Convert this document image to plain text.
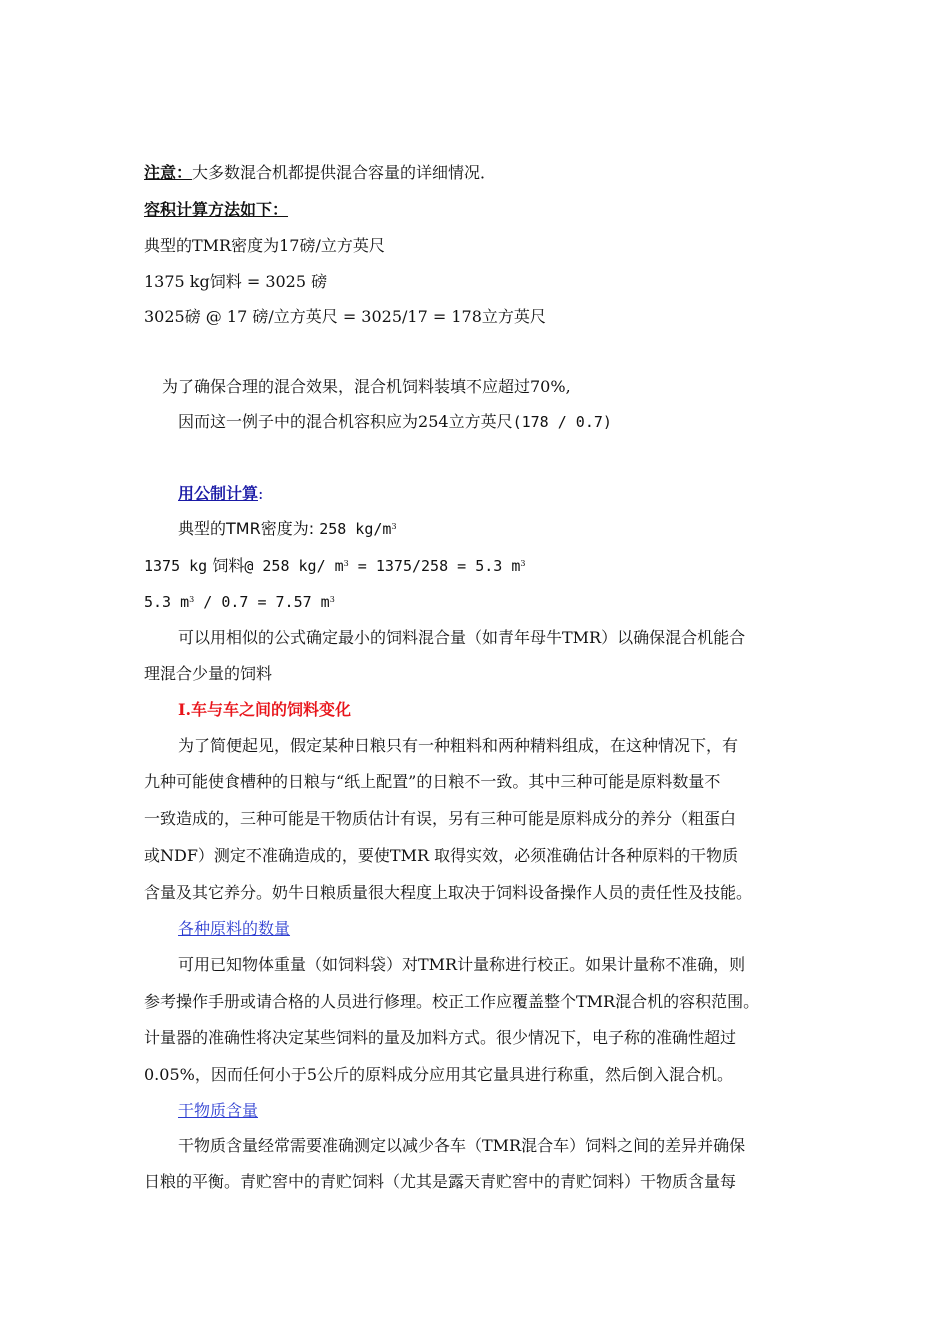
注意：大多数混合机都提供混合容量的详细情况．
容积计算方法如下：
典型的TMR密度为17磅/立方英尺
1375 kg饲料 = 3025 磅
3025磅 @ 17 磅/立方英尺 = 3025/17 = 178立方英尺
为了确保合理的混合效果，混合机饲料装填不应超过70%,
因而这一例子中的混合机容积应为254立方英尺(178 / 0.7)
用公制计算:
典型的TMR密度为: 258 $kg/m^3$
1375 kg 饲料@ 258 kg/ $m^3 = 1375/258 = 5.3$ $m^3$
5.3 $m^3 / 0.7 = 7.57$ $m^3$
可以用相似的公式确定最小的饲料混合量（如青年母牛TMR）以确保混合机能合
理混合少量的饲料
I.车与车之间的饲料变化
为了简便起见，假定某种日粮只有一种粗料和两种精料组成，在这种情况下，有
九种可能使食槽种的日粮与“纸上配置”的日粮不一致。其中三种可能是原料数量不
一致造成的，三种可能是干物质估计有误，另有三种可能是原料成分的养分（粗蛋白
或NDF）测定不准确造成的，要使TMR 取得实效，必须准确估计各种原料的干物质
含量及其它养分。奶牛日粮质量很大程度上取决于饲料设备操作人员的责任性及技能。
各种原料的数量
可用已知物体重量（如饲料袋）对TMR计量称进行校正。如果计量称不准确，则
参考操作手册或请合格的人员进行修理。校正工作应覆盖整个TMR混合机的容积范围。
计量器的准确性将决定某些饲料的量及加料方式。很少情况下，电子称的准确性超过
0.05%，因而任何小于5公斤的原料成分应用其它量具进行称重，然后倒入混合机。
干物质含量
干物质含量经常需要准确测定以减少各车（TMR混合车）饲料之间的差异并确保
日粮的平衡。青贮窖中的青贮饲料（尤其是露天青贮窖中的青贮饲料）干物质含量每
